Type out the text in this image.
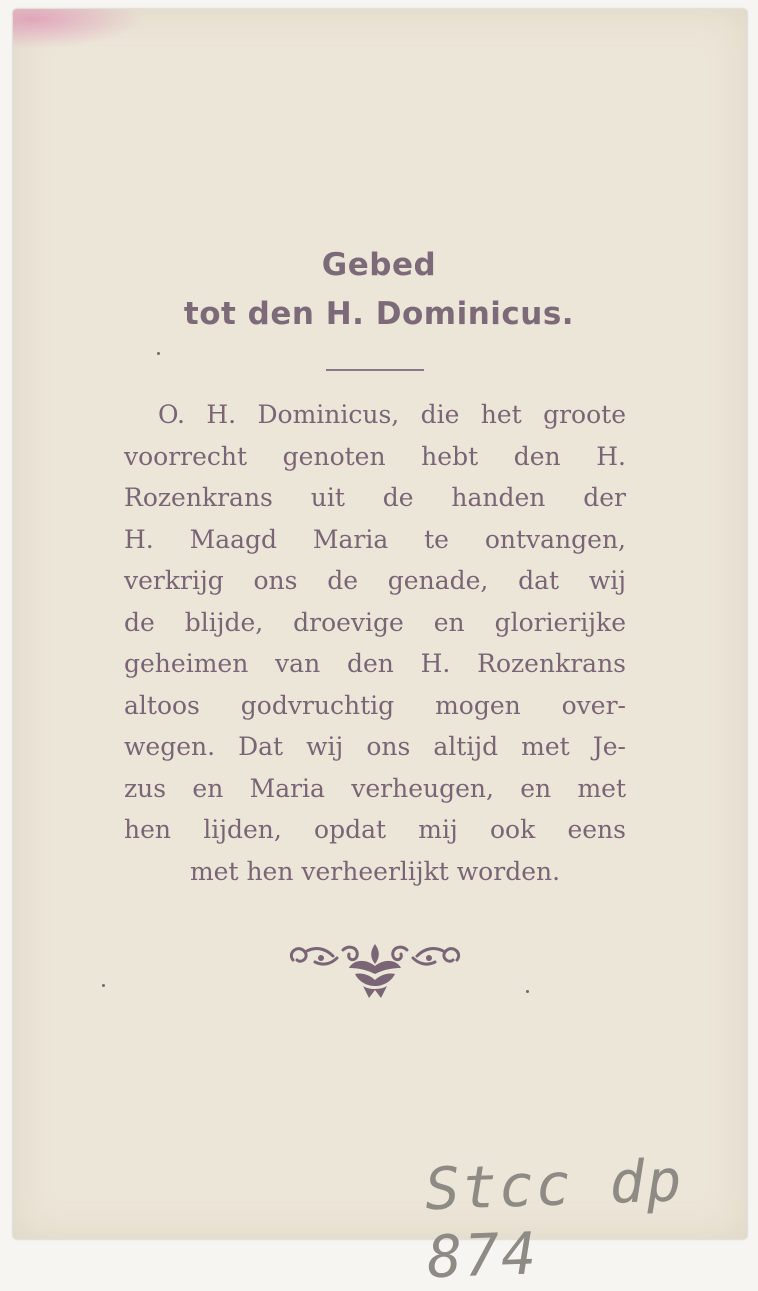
Gebed
tot den H. Dominicus.
O. H. Dominicus, die het groote
voorrecht genoten hebt den H.
Rozenkrans uit de handen der
H. Maagd Maria te ontvangen,
verkrijg ons de genade, dat wij
de blijde, droevige en glorierijke
geheimen van den H. Rozenkrans
altoos godvruchtig mogen over-
wegen. Dat wij ons altijd met Je-
zus en Maria verheugen, en met
hen lijden, opdat mij ook eens
met hen verheerlijkt worden.
Stcc dp 874
